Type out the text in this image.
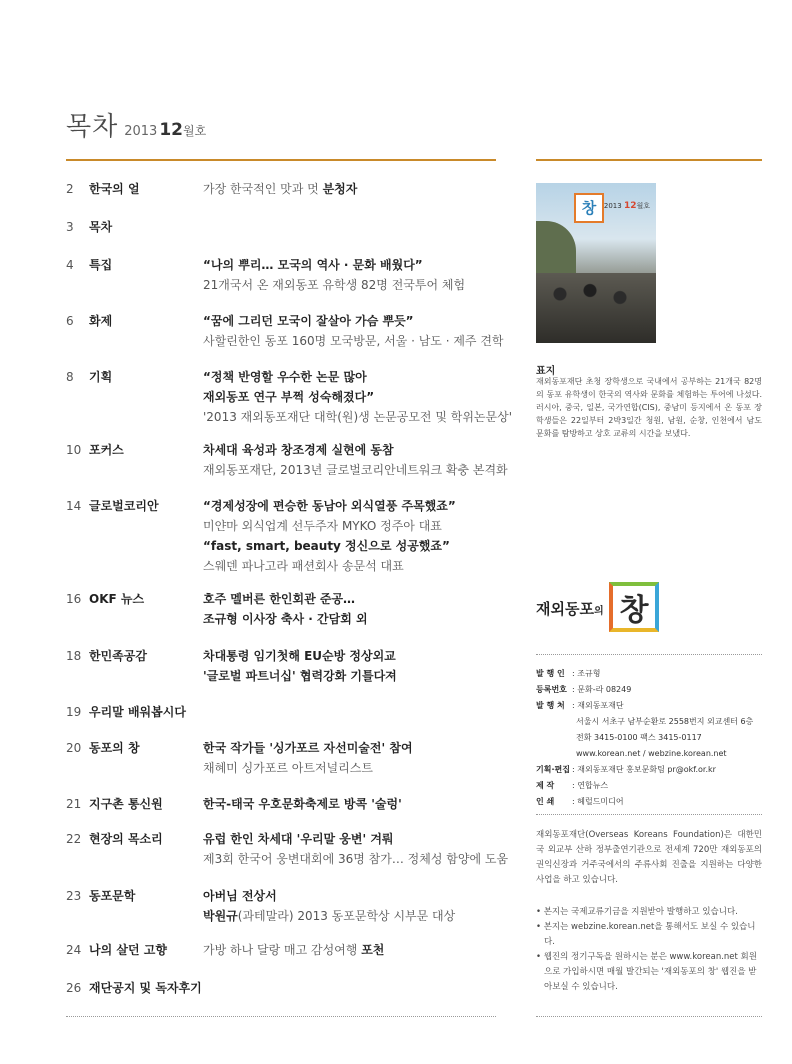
목차 2013 12월호
2	한국의 얼	가장 한국적인 맛과 멋 분청자
3	목차
4	특집	“나의 뿌리… 모국의 역사 · 문화 배웠다”
21개국서 온 재외동포 유학생 82명 전국투어 체험
6	화제	“꿈에 그리던 모국이 잘살아 가슴 뿌듯”
사할린한인 동포 160명 모국방문, 서울 · 남도 · 제주 견학
8	기획	“정책 반영할 우수한 논문 많아
재외동포 연구 부쩍 성숙해졌다”
'2013 재외동포재단 대학(원)생 논문공모전 및 학위논문상'
10 포커스	차세대 육성과 창조경제 실현에 동참
재외동포재단, 2013년 글로벌코리안네트워크 확충 본격화
14 글로벌코리안	“경제성장에 편승한 동남아 외식열풍 주목했죠”
미얀마 외식업계 선두주자 MYKO 정주아 대표
“fast, smart, beauty 정신으로 성공했죠”
스웨덴 파나고라 패션회사 송문석 대표
16 OKF 뉴스	호주 멜버른 한인회관 준공…
조규형 이사장 축사 · 간담회 외
18 한민족공감	차대통령 임기첫해 EU순방 정상외교
'글로벌 파트너십' 협력강화 기틀다져
19 우리말 배워봅시다
20 동포의 창	한국 작가들 '싱가포르 자선미술전' 참여
채혜미 싱가포르 아트저널리스트
21 지구촌 통신원	한국-태국 우호문화축제로 방콕 '술렁'
22 현장의 목소리	유럽 한인 차세대 '우리말 웅변' 겨뤄
제3회 한국어 웅변대회에 36명 참가… 정체성 함양에 도움
23 동포문학	아버님 전상서
박원규(과테말라) 2013 동포문학상 시부문 대상
24 나의 살던 고향	가방 하나 달랑 매고 감성여행 포천
26 재단공지 및 독자후기
창	2013 12월호
표지
재외동포재단 초청 장학생으로 국내에서 공부하는 21개국 82명의 동포 유학생이 한국의 역사와 문화를 체험하는 투어에 나섰다. 러시아, 중국, 일본, 국가연합(CIS), 중남미 등지에서 온 동포 장학생들은 22일부터 2박3일간 청원, 남원, 순창, 인천에서 남도 문화를 탐방하고 상호 교류의 시간을 보냈다.
재외동포의 창
발 행 인 : 조규형
등록번호 : 문화-라 08249
발 행 처 : 재외동포재단
서울시 서초구 남부순환로 2558번지 외교센터 6층
전화 3415-0100 팩스 3415-0117
www.korean.net / webzine.korean.net
기획·편집 : 재외동포재단 홍보문화팀 pr@okf.or.kr
제 작 : 연합뉴스
인 쇄 : 헤럴드미디어
재외동포재단(Overseas Koreans Foundation)은 대한민국 외교부 산하 정부출연기관으로 전세계 720만 재외동포의 권익신장과 거주국에서의 주류사회 진출을 지원하는 다양한 사업을 하고 있습니다.
• 본지는 국제교류기금을 지원받아 발행하고 있습니다.
• 본지는 webzine.korean.net을 통해서도 보실 수 있습니다.
• 웹진의 정기구독을 원하시는 분은 www.korean.net 회원으로 가입하시면 매월 발간되는 '재외동포의 창' 웹진을 받아보실 수 있습니다.
